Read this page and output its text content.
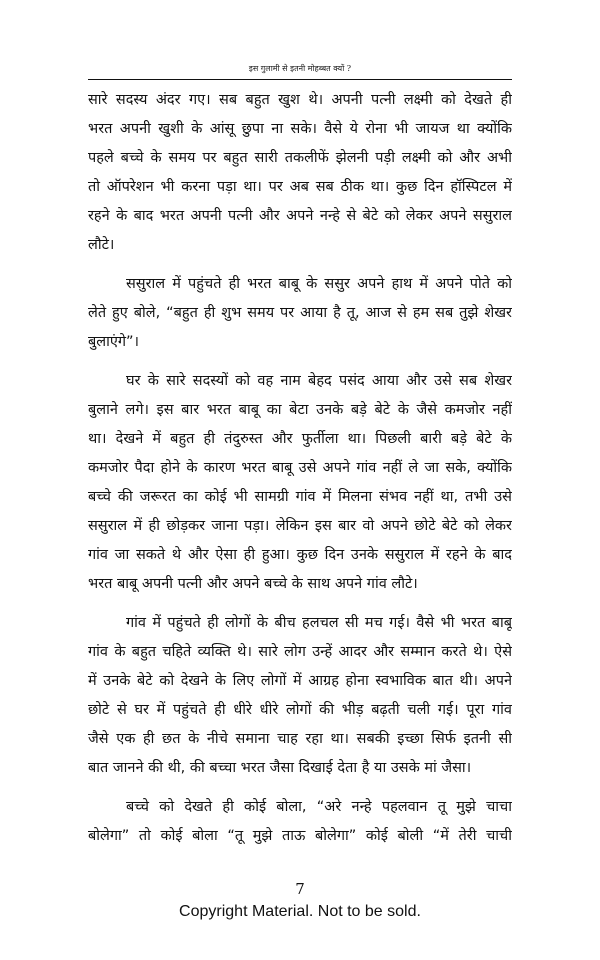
इस गुलामी से इतनी मोहब्बत क्यों ?
सारे सदस्य अंदर गए। सब बहुत खुश थे। अपनी पत्नी लक्ष्मी को देखते ही
भरत अपनी खुशी के आंसू छुपा ना सके। वैसे ये रोना भी जायज था क्योंकि
पहले बच्चे के समय पर बहुत सारी तकलीफें झेलनी पड़ी लक्ष्मी को और अभी
तो ऑपरेशन भी करना पड़ा था। पर अब सब ठीक था। कुछ दिन हॉस्पिटल में
रहने के बाद भरत अपनी पत्नी और अपने नन्हे से बेटे को लेकर अपने ससुराल
लौटे।
ससुराल में पहुंचते ही भरत बाबू के ससुर अपने हाथ में अपने पोते को
लेते हुए बोले, “बहुत ही शुभ समय पर आया है तू, आज से हम सब तुझे शेखर
बुलाएंगे”।
घर के सारे सदस्यों को वह नाम बेहद पसंद आया और उसे सब शेखर
बुलाने लगे। इस बार भरत बाबू का बेटा उनके बड़े बेटे के जैसे कमजोर नहीं
था। देखने में बहुत ही तंदुरुस्त और फुर्तीला था। पिछली बारी बड़े बेटे के
कमजोर पैदा होने के कारण भरत बाबू उसे अपने गांव नहीं ले जा सके, क्योंकि
बच्चे की जरूरत का कोई भी सामग्री गांव में मिलना संभव नहीं था, तभी उसे
ससुराल में ही छोड़कर जाना पड़ा। लेकिन इस बार वो अपने छोटे बेटे को लेकर
गांव जा सकते थे और ऐसा ही हुआ। कुछ दिन उनके ससुराल में रहने के बाद
भरत बाबू अपनी पत्नी और अपने बच्चे के साथ अपने गांव लौटे।
गांव में पहुंचते ही लोगों के बीच हलचल सी मच गई। वैसे भी भरत बाबू
गांव के बहुत चहिते व्यक्ति थे। सारे लोग उन्हें आदर और सम्मान करते थे। ऐसे
में उनके बेटे को देखने के लिए लोगों में आग्रह होना स्वभाविक बात थी। अपने
छोटे से घर में पहुंचते ही धीरे धीरे लोगों की भीड़ बढ़ती चली गई। पूरा गांव
जैसे एक ही छत के नीचे समाना चाह रहा था। सबकी इच्छा सिर्फ इतनी सी
बात जानने की थी, की बच्चा भरत जैसा दिखाई देता है या उसके मां जैसा।
बच्चे को देखते ही कोई बोला, “अरे नन्हे पहलवान तू मुझे चाचा
बोलेगा” तो कोई बोला “तू मुझे ताऊ बोलेगा” कोई बोली “में तेरी चाची
7
Copyright Material. Not to be sold.
